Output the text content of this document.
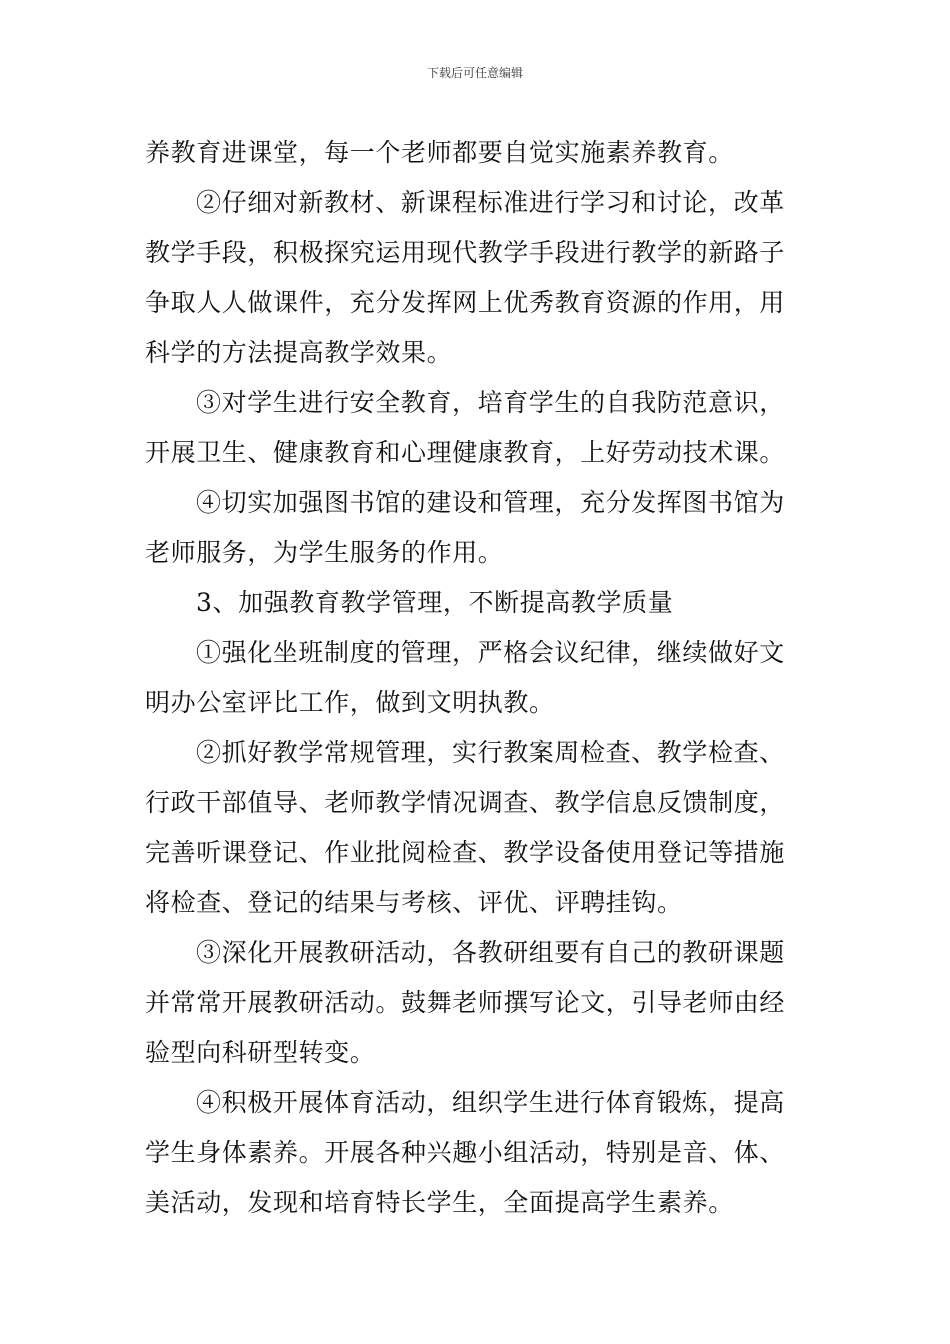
下载后可任意编辑
养教育进课堂，每一个老师都要自觉实施素养教育。
②仔细对新教材、新课程标准进行学习和讨论，改革
教学手段，积极探究运用现代教学手段进行教学的新路子
争取人人做课件，充分发挥网上优秀教育资源的作用，用
科学的方法提高教学效果。
③对学生进行安全教育，培育学生的自我防范意识，
开展卫生、健康教育和心理健康教育，上好劳动技术课。
④切实加强图书馆的建设和管理，充分发挥图书馆为
老师服务，为学生服务的作用。
3、加强教育教学管理，不断提高教学质量
①强化坐班制度的管理，严格会议纪律，继续做好文
明办公室评比工作，做到文明执教。
②抓好教学常规管理，实行教案周检查、教学检查、
行政干部值导、老师教学情况调查、教学信息反馈制度，
完善听课登记、作业批阅检查、教学设备使用登记等措施
将检查、登记的结果与考核、评优、评聘挂钩。
③深化开展教研活动，各教研组要有自己的教研课题
并常常开展教研活动。鼓舞老师撰写论文，引导老师由经
验型向科研型转变。
④积极开展体育活动，组织学生进行体育锻炼，提高
学生身体素养。开展各种兴趣小组活动，特别是音、体、
美活动，发现和培育特长学生，全面提高学生素养。
